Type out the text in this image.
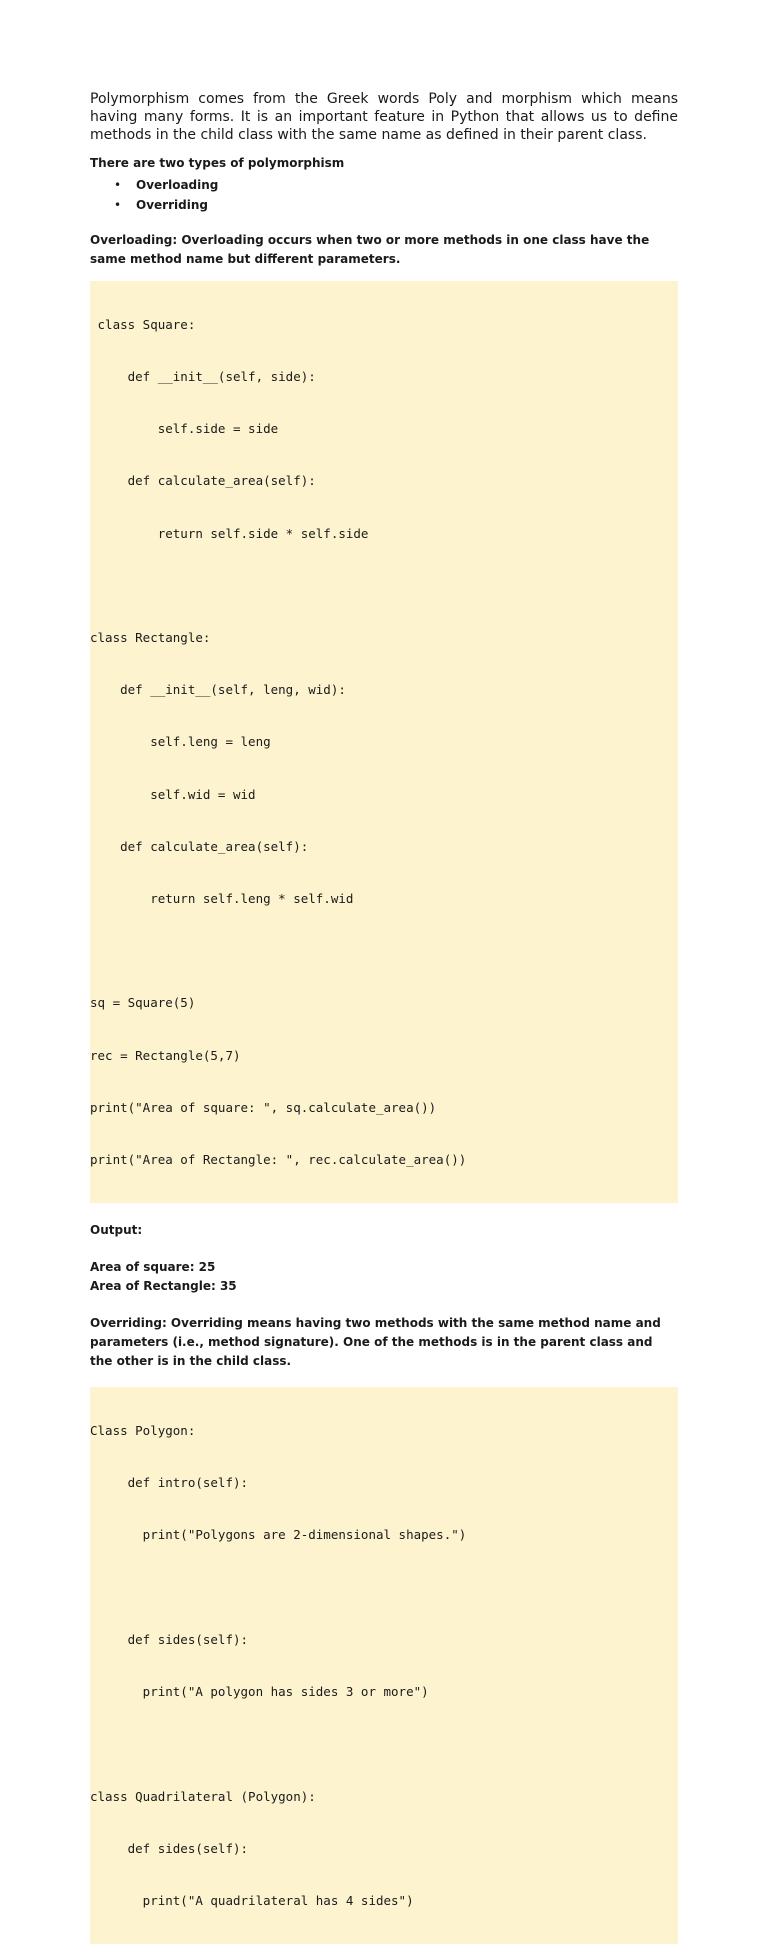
Polymorphism comes from the Greek words Poly and morphism which means having many forms. It is an important feature in Python that allows us to define methods in the child class with the same name as defined in their parent class.

There are two types of polymorphism

• Overloading
• Overriding

Overloading: Overloading occurs when two or more methods in one class have the same method name but different parameters.

class Square:

def __init__(self, side):

self.side = side

def calculate_area(self):

return self.side * self.side

class Rectangle:

def __init__(self, leng, wid):

self.leng = leng

self.wid = wid

def calculate_area(self):

return self.leng * self.wid

sq = Square(5)

rec = Rectangle(5,7)

print("Area of square: ", sq.calculate_area())

print("Area of Rectangle: ", rec.calculate_area())

Output:

Area of square: 25

Area of Rectangle: 35

Overriding: Overriding means having two methods with the same method name and parameters (i.e., method signature). One of the methods is in the parent class and the other is in the child class.

Class Polygon:

def intro(self):

print("Polygons are 2-dimensional shapes.")

def sides(self):

print("A polygon has sides 3 or more")

class Quadrilateral (Polygon):

def sides(self):

print("A quadrilateral has 4 sides")
